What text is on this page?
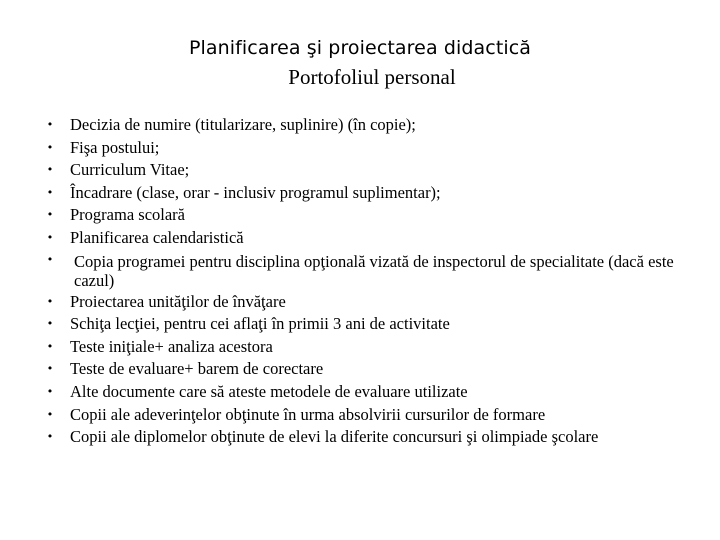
Planificarea şi proiectarea didactică
Portofoliul personal
• Decizia de numire (titularizare, suplinire) (în copie);
• Fişa postului;
• Curriculum Vitae;
• Încadrare (clase, orar - inclusiv programul suplimentar);
• Programa scolară
• Planificarea calendaristică
• Copia programei pentru disciplina opţională vizată de inspectorul de specialitate (dacă este cazul)
• Proiectarea unităţilor de învăţare
• Schiţa lecţiei, pentru cei aflaţi în primii 3 ani de activitate
• Teste iniţiale+ analiza acestora
• Teste de evaluare+ barem de corectare
• Alte documente care să ateste metodele de evaluare utilizate
• Copii ale adeverinţelor obţinute în urma absolvirii cursurilor de formare
• Copii ale diplomelor obţinute de elevi la diferite concursuri şi olimpiade şcolare
